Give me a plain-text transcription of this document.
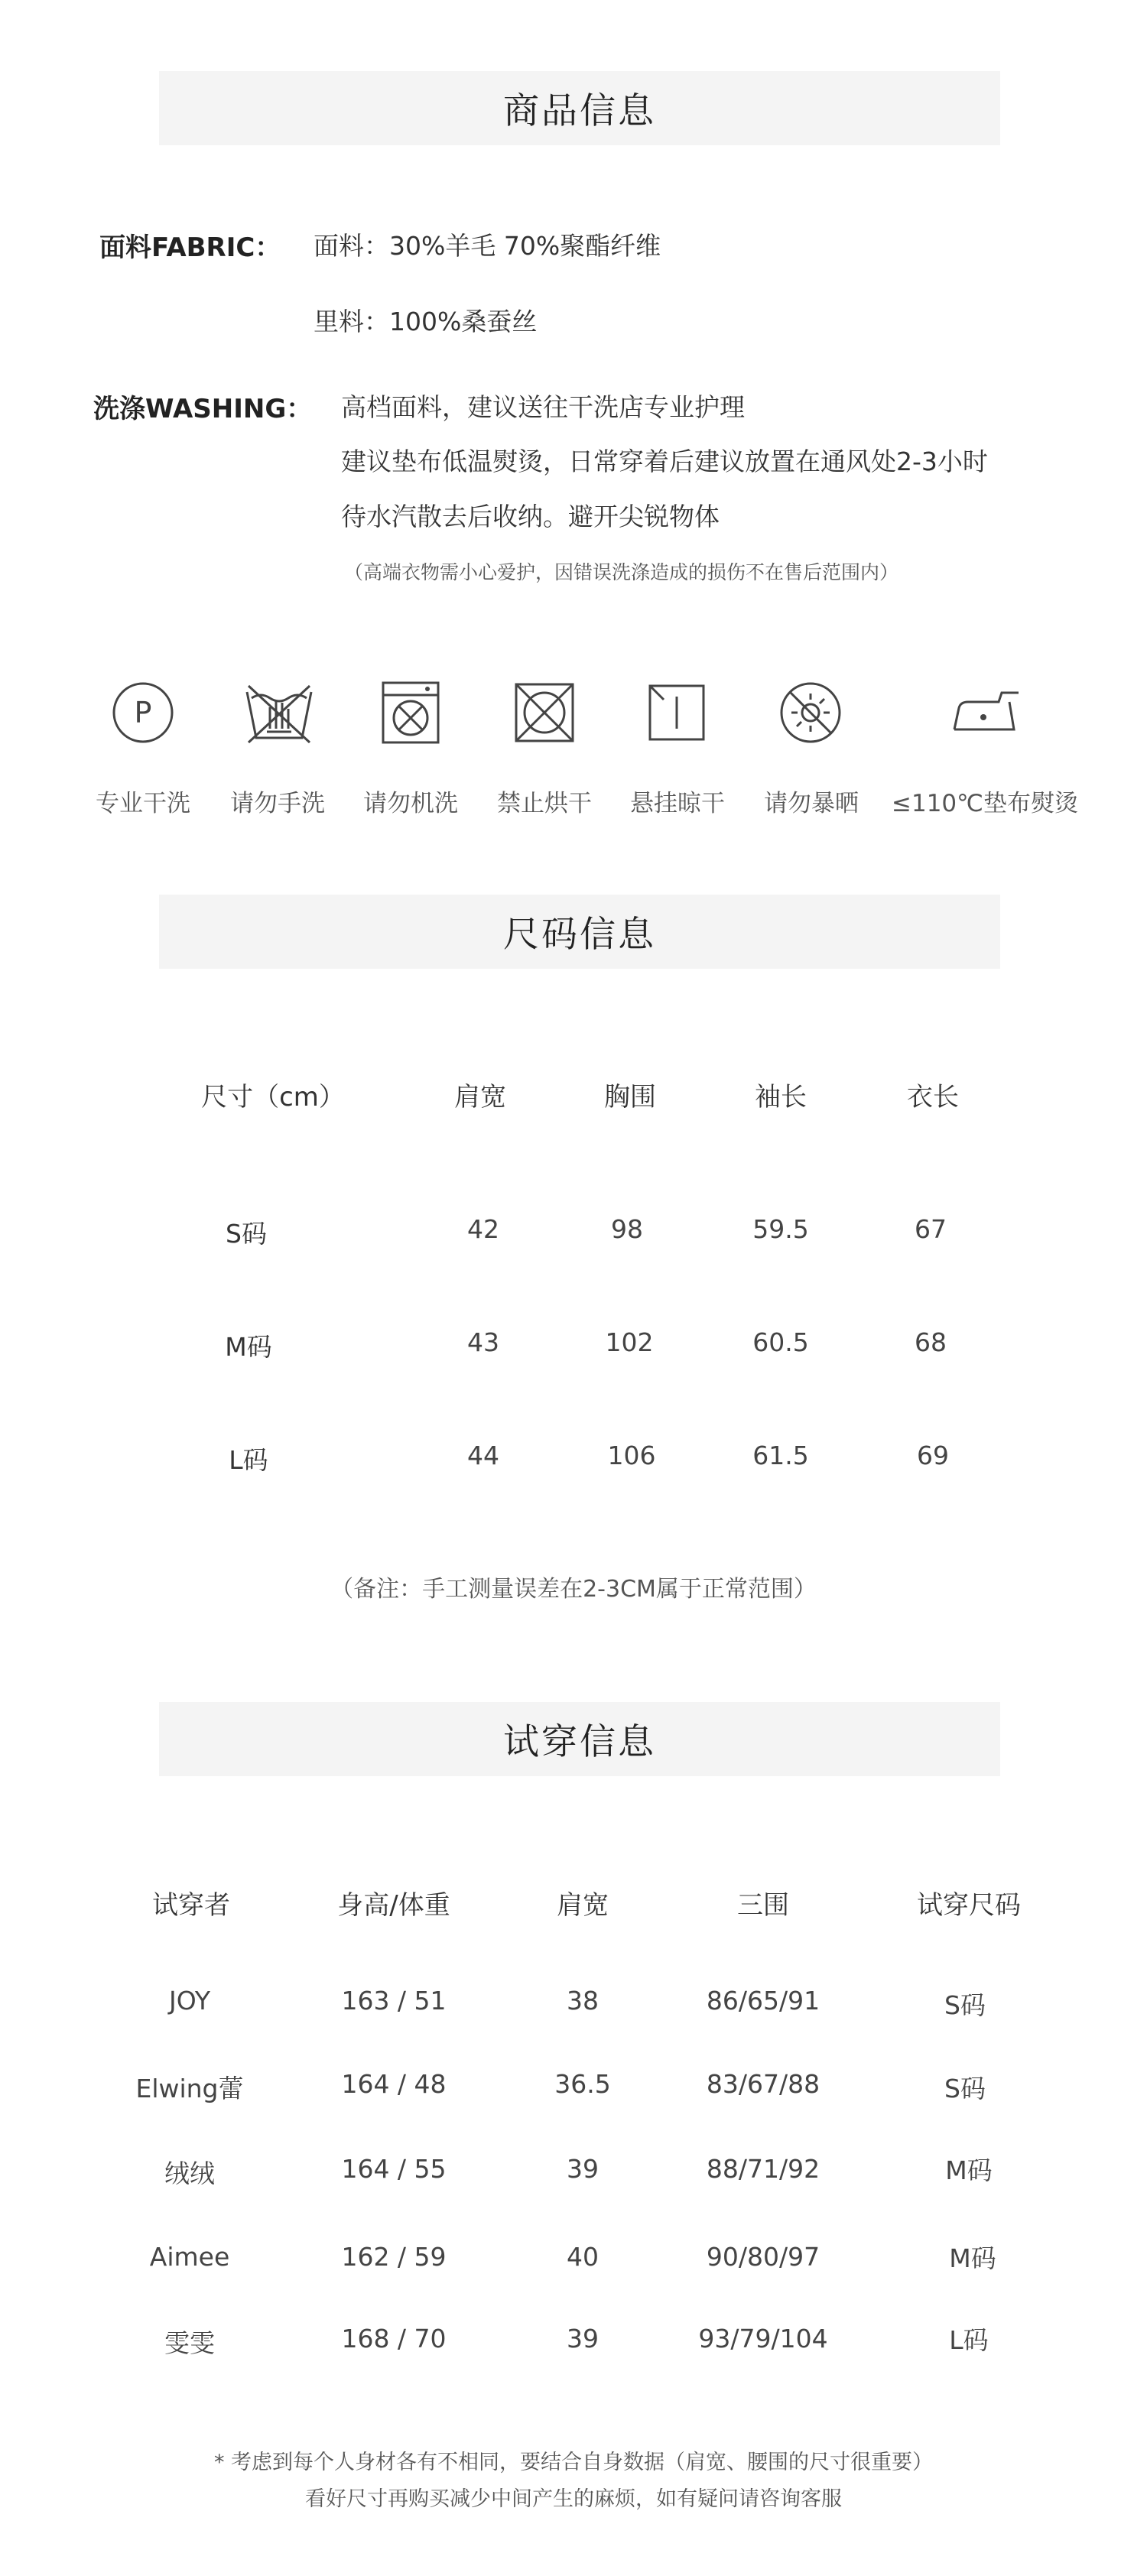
商品信息
面料FABRIC： 面料：30%羊毛 70%聚酯纤维
里料：100%桑蚕丝
洗涤WASHING： 高档面料，建议送往干洗店专业护理
建议垫布低温熨烫，日常穿着后建议放置在通风处2-3小时
待水汽散去后收纳。避开尖锐物体
（高端衣物需小心爱护，因错误洗涤造成的损伤不在售后范围内）
P
专业干洗	请勿手洗	请勿机洗	禁止烘干	悬挂晾干	请勿暴晒	≤110℃垫布熨烫
尺码信息
尺寸（cm）	肩宽	胸围	袖长	衣长
S码	42	98	59.5	67
M码	43	102	60.5	68
L码	44	106	61.5	69
（备注：手工测量误差在2-3CM属于正常范围）
试穿信息
试穿者	身高/体重	肩宽	三围	试穿尺码
JOY	163 / 51	38	86/65/91	S码
Elwing蕾	164 / 48	36.5	83/67/88	S码
绒绒	164 / 55	39	88/71/92	M码
Aimee	162 / 59	40	90/80/97	M码
雯雯	168 / 70	39	93/79/104	L码
* 考虑到每个人身材各有不相同，要结合自身数据（肩宽、腰围的尺寸很重要）
看好尺寸再购买减少中间产生的麻烦，如有疑问请咨询客服
